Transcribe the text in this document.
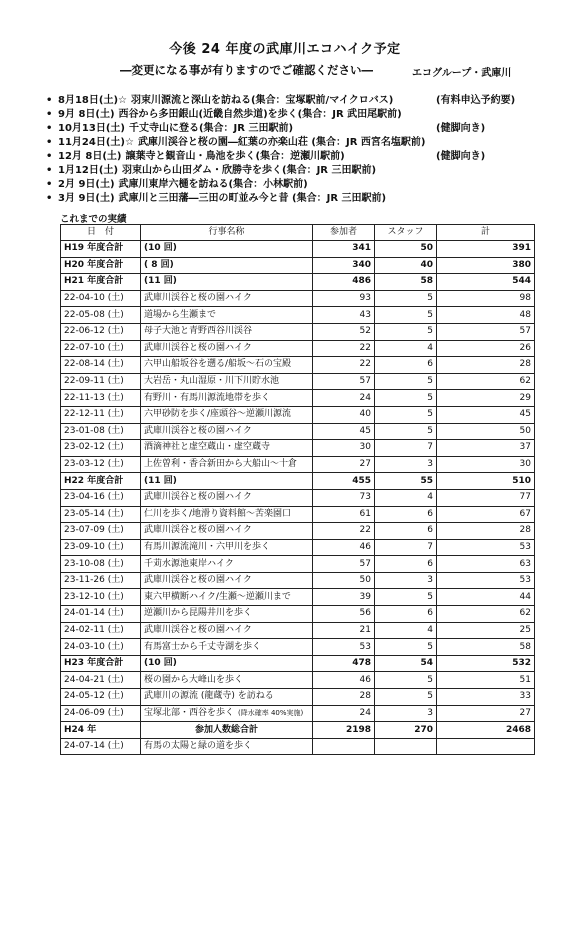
今後 24 年度の武庫川エコハイク予定
―変更になる事が有りますのでご確認ください―	エコグループ・武庫川
• 8月18日(土)☆ 羽束川源流と深山を訪ねる(集合：宝塚駅前/マイクロバス)	(有料申込予約要)
• 9月 8日(土) 西谷から多田銀山(近畿自然歩道)を歩く(集合：JR 武田尾駅前)
• 10月13日(土) 千丈寺山に登る(集合：JR 三田駅前)	(健脚向き)
• 11月24日(土)☆ 武庫川渓谷と桜の園―紅葉の亦楽山荘 (集合：JR 西宮名塩駅前)
• 12月 8日(土) 譲葉寺と観音山・鳥池を歩く(集合：逆瀬川駅前)	(健脚向き)
• 1月12日(土) 羽束山から山田ダム・欣勝寺を歩く(集合：JR 三田駅前)
• 2月 9日(土) 武庫川東岸六樋を訪ねる(集合：小林駅前)
• 3月 9日(土) 武庫川と三田藩―三田の町並み今と昔 (集合：JR 三田駅前)
これまでの実績
日　付	行事名称	参加者	スタッフ	計
H19 年度合計	(10 回)	341	50	391
H20 年度合計	( 8 回)	340	40	380
H21 年度合計	(11 回)	486	58	544
22-04-10 (土)	武庫川渓谷と桜の園ハイク	93	5	98
22-05-08 (土)	道場から生瀬まで	43	5	48
22-06-12 (土)	母子大池と青野西谷川渓谷	52	5	57
22-07-10 (土)	武庫川渓谷と桜の園ハイク	22	4	26
22-08-14 (土)	六甲山船坂谷を遡る/船坂～石の宝殿	22	6	28
22-09-11 (土)	大岩岳・丸山湿原・川下川貯水池	57	5	62
22-11-13 (土)	有野川・有馬川源流地帯を歩く	24	5	29
22-12-11 (土)	六甲砂防を歩く/座頭谷～逆瀬川源流	40	5	45
23-01-08 (土)	武庫川渓谷と桜の園ハイク	45	5	50
23-02-12 (土)	酒滴神社と虚空蔵山・虚空蔵寺	30	7	37
23-03-12 (土)	上佐曽利・香合新田から大船山～十倉	27	3	30
H22 年度合計	(11 回)	455	55	510
23-04-16 (土)	武庫川渓谷と桜の園ハイク	73	4	77
23-05-14 (土)	仁川を歩く/地滑り資料館～苦楽園口	61	6	67
23-07-09 (土)	武庫川渓谷と桜の園ハイク	22	6	28
23-09-10 (土)	有馬川源流滝川・六甲川を歩く	46	7	53
23-10-08 (土)	千苅水源池東岸ハイク	57	6	63
23-11-26 (土)	武庫川渓谷と桜の園ハイク	50	3	53
23-12-10 (土)	東六甲横断ハイク/生瀬～逆瀬川まで	39	5	44
24-01-14 (土)	逆瀬川から昆陽井川を歩く	56	6	62
24-02-11 (土)	武庫川渓谷と桜の園ハイク	21	4	25
24-03-10 (土)	有馬富士から千丈寺湖を歩く	53	5	58
H23 年度合計	(10 回)	478	54	532
24-04-21 (土)	桜の園から大峰山を歩く	46	5	51
24-05-12 (土)	武庫川の源流 (龍蔵寺) を訪ねる	28	5	33
24-06-09 (土)	宝塚北部・西谷を歩く (降水確率 40%実施)	24	3	27
H24 年	参加人数総合計	2198	270	2468
24-07-14 (土)	有馬の太陽と緑の道を歩く			
